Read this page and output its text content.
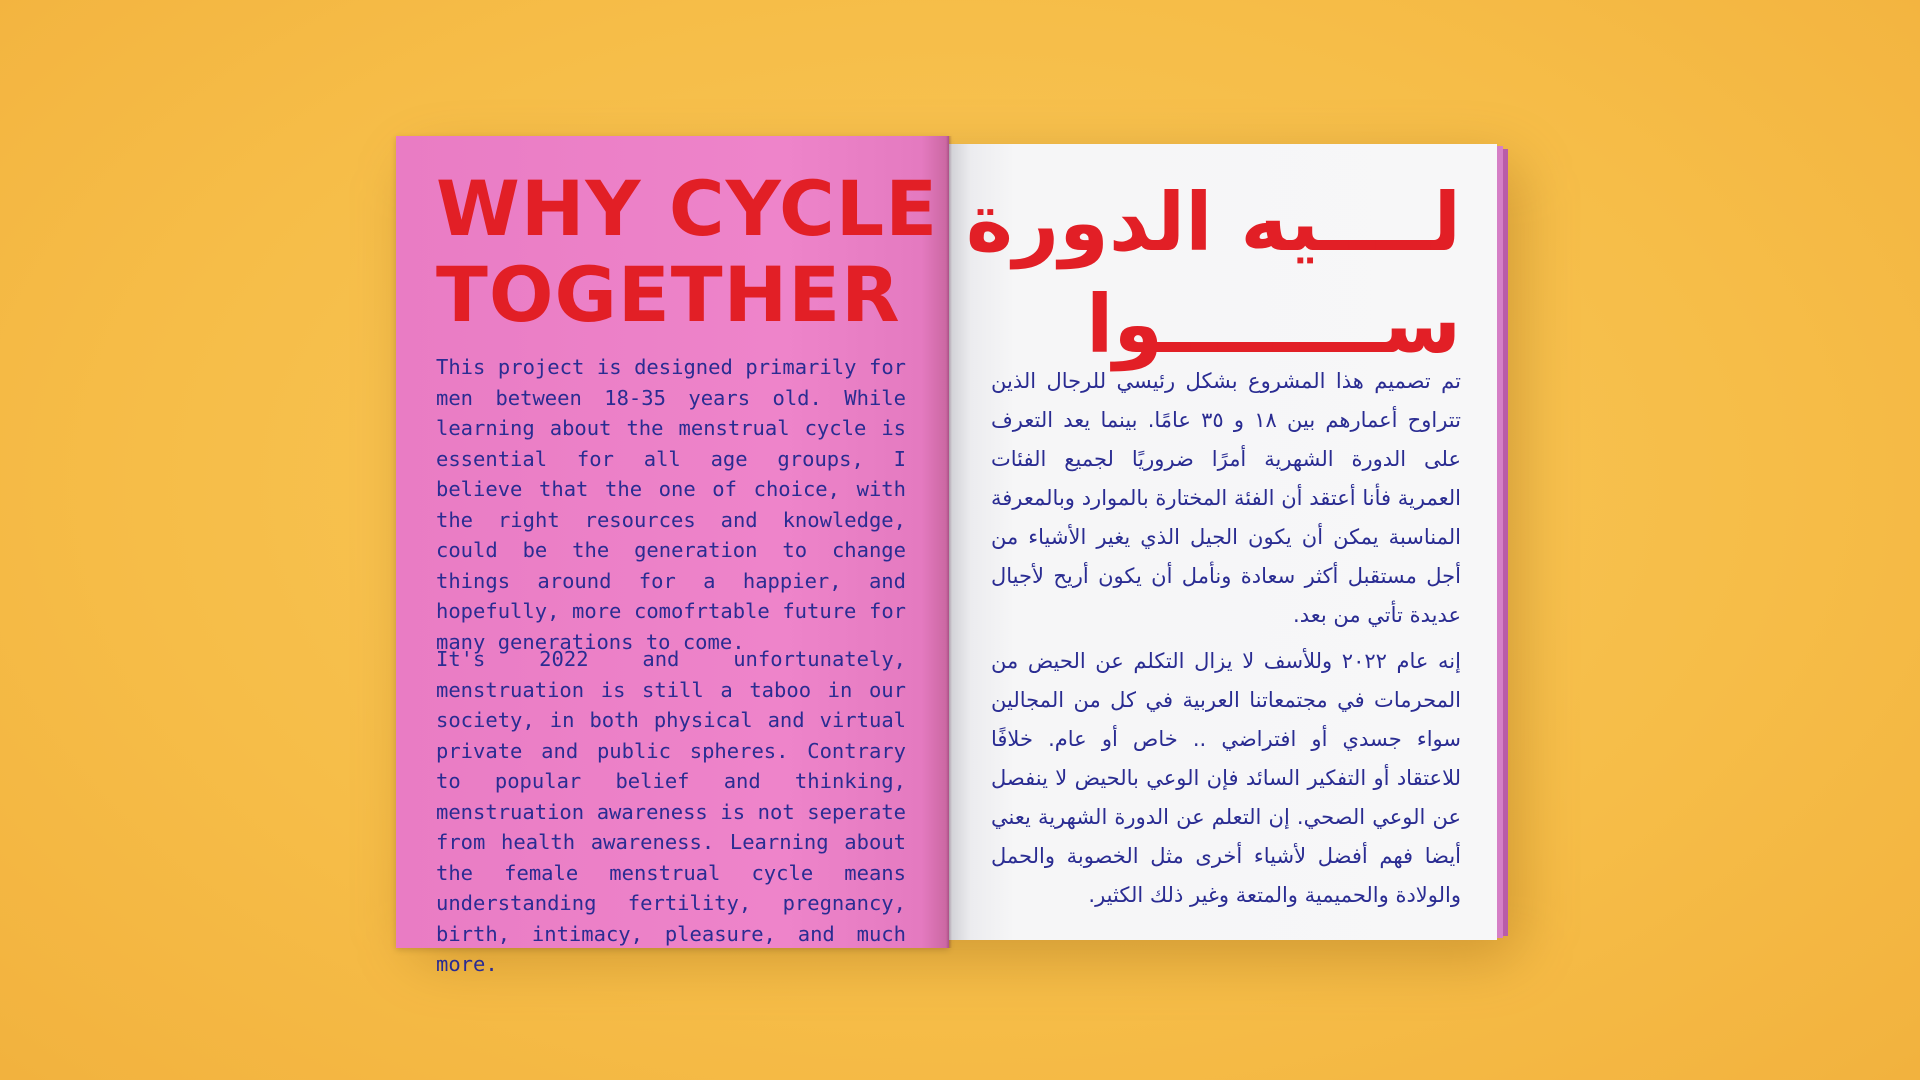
WHY CYCLE
TOGETHER

This project is designed primarily for men between 18-35 years old. While learning about the menstrual cycle is essential for all age groups, I believe that the one of choice, with the right resources and knowledge, could be the generation to change things around for a happier, and hopefully, more comofrtable future for many generations to come.

It's 2022 and unfortunately, menstruation is still a taboo in our society, in both physical and virtual private and public spheres. Contrary to popular belief and thinking, menstruation awareness is not seperate from health awareness. Learning about the female menstrual cycle means understanding fertility, pregnancy, birth, intimacy, pleasure, and much more.

لــــيه الدورة
ســــــــوا

تم تصميم هذا المشروع بشكل رئيسي للرجال الذين تتراوح أعمارهم بين ١٨ و ٣٥ عامًا. بينما يعد التعرف على الدورة الشهرية أمرًا ضروريًا لجميع الفئات العمرية فأنا أعتقد أن الفئة المختارة بالموارد وبالمعرفة المناسبة يمكن أن يكون الجيل الذي يغير الأشياء من أجل مستقبل أكثر سعادة ونأمل أن يكون أريح لأجيال عديدة تأتي من بعد.

إنه عام ٢٠٢٢ وللأسف لا يزال التكلم عن الحيض من المحرمات في مجتمعاتنا العربية في كل من المجالين سواء جسدي أو افتراضي .. خاص أو عام. خلافًا للاعتقاد أو التفكير السائد فإن الوعي بالحيض لا ينفصل عن الوعي الصحي. إن التعلم عن الدورة الشهرية يعني أيضا فهم أفضل لأشياء أخرى مثل الخصوبة والحمل والولادة والحميمية والمتعة وغير ذلك الكثير.
